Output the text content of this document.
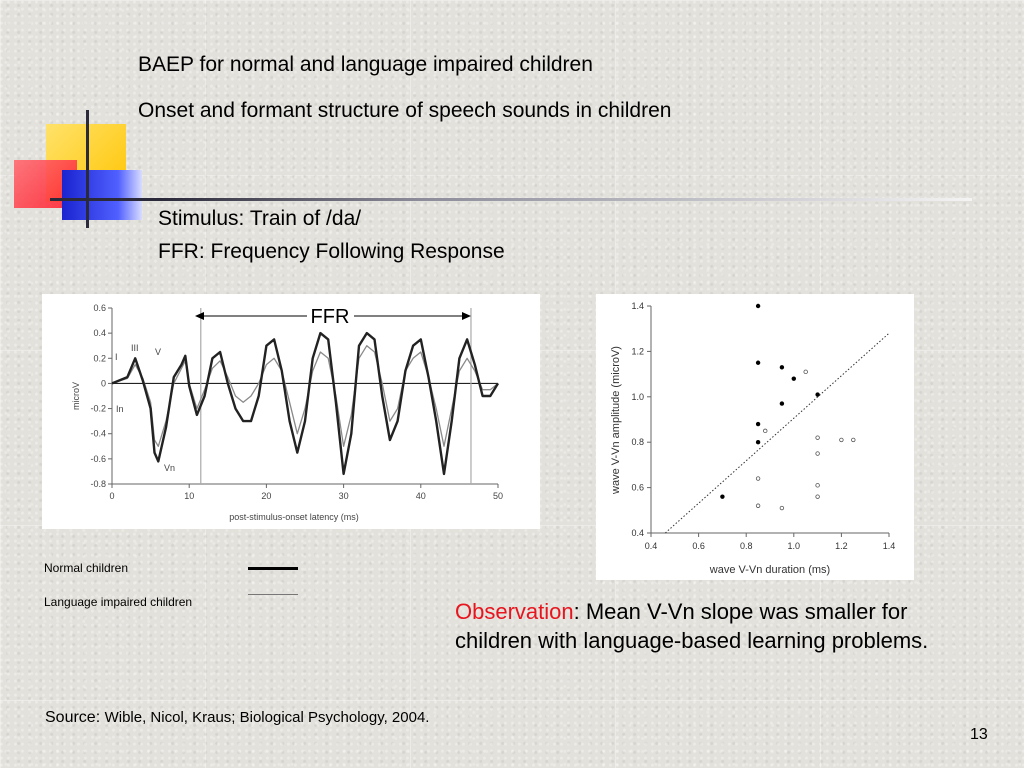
BAEP for normal and language impaired children
Onset and formant structure of speech sounds in children
Stimulus: Train of /da/
FFR: Frequency Following Response
0.6
0.4
0.2
0
-0.2
-0.4
-0.6
-0.8
0	10	20	30	40	50
I
III V
In
Vn
FFR
post-stimulus-onset latency (ms)
microV
0.4
0.6
0.8
1.0
1.2
1.4
0.4	0.6	0.8	1.0	1.2	1.4
wave V-Vn duration (ms)
wave V-Vn amplitude (microV)
Normal children
Language impaired children	Observation: Mean V-Vn slope was smaller for children with language-based learning problems.
Source: Wible, Nicol, Kraus; Biological Psychology, 2004.
13
